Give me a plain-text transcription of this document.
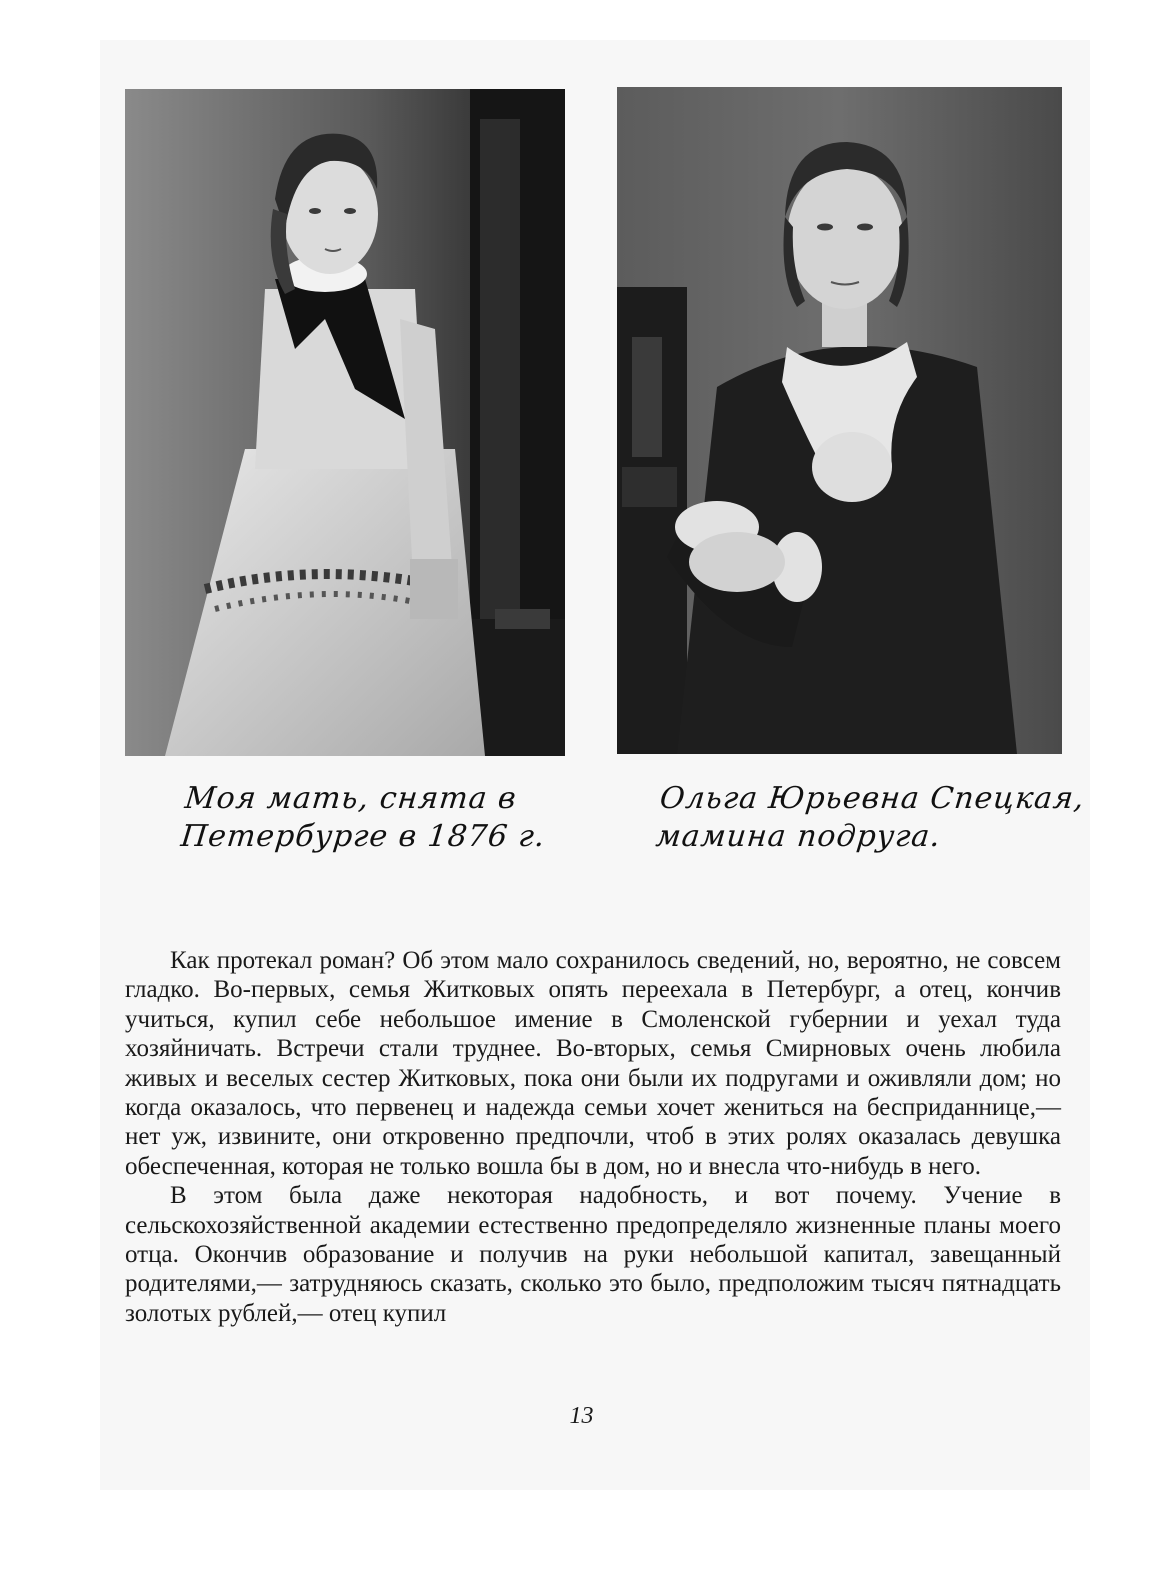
Моя мать, снята в
Петербурге в 1876 г.
Ольга Юрьевна Спецкая,
мамина подруга.

Как протекал роман? Об этом мало сохранилось сведений, но, вероятно, не совсем гладко. Во-первых, семья Житковых опять переехала в Петербург, а отец, кончив учиться, купил себе небольшое имение в Смоленской губернии и уехал туда хозяйничать. Встречи стали труднее. Во-вторых, семья Смирновых очень любила живых и веселых сестер Житковых, пока они были их подругами и оживляли дом; но когда оказалось, что первенец и надежда семьи хочет жениться на бесприданнице,— нет уж, извините, они откровенно предпочли, чтоб в этих ролях оказалась девушка обеспеченная, которая не только вошла бы в дом, но и внесла что-нибудь в него.

В этом была даже некоторая надобность, и вот почему. Учение в сельскохозяйственной академии естественно предопределяло жизненные планы моего отца. Окончив образование и получив на руки небольшой капитал, завещанный родителями,— затрудняюсь сказать, сколько это было, предположим тысяч пятнадцать золотых рублей,— отец купил

13
